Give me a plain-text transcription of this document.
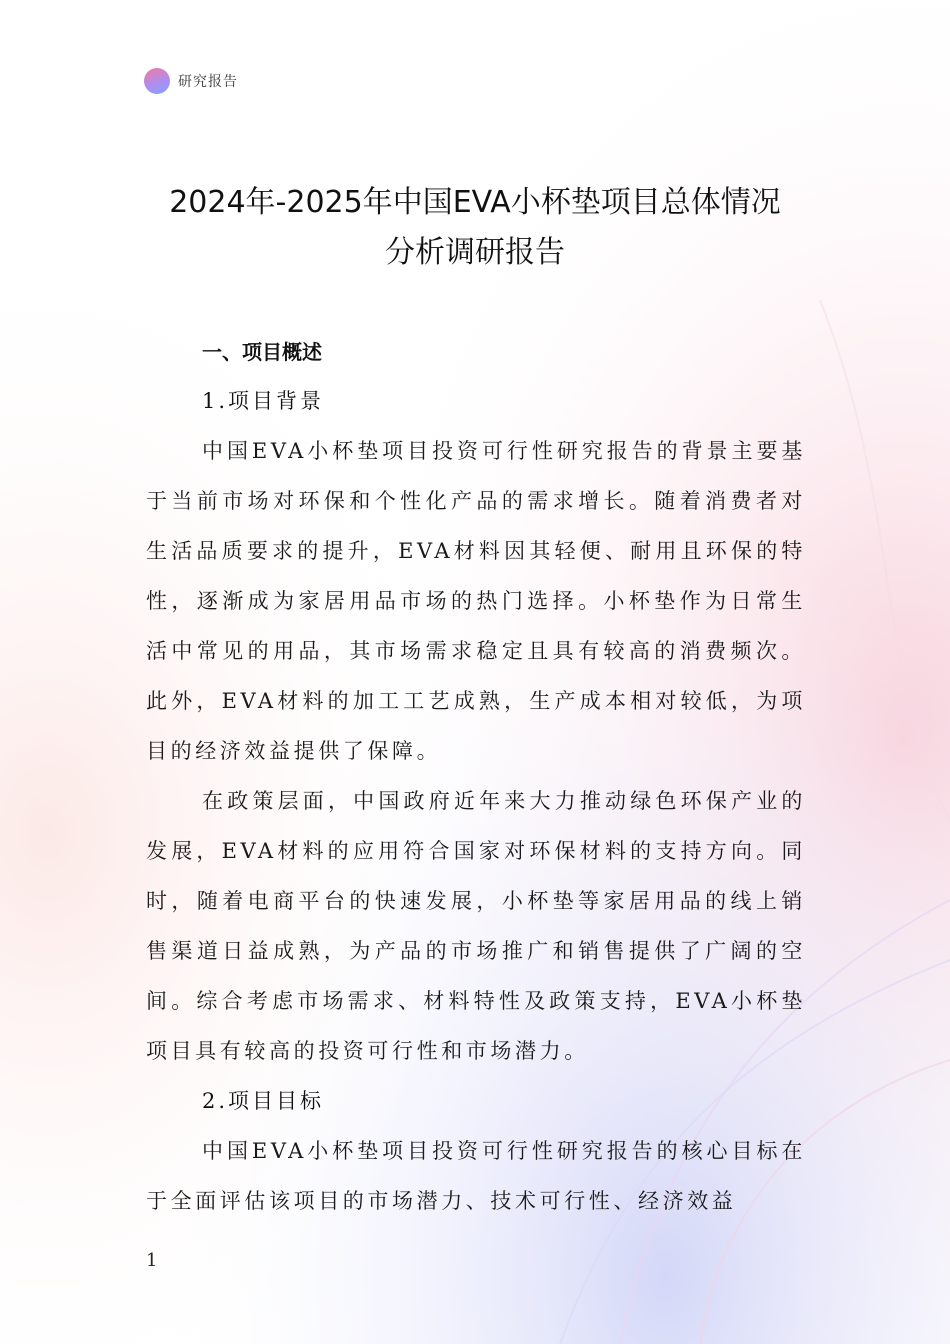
研究报告
2024年-2025年中国EVA小杯垫项目总体情况
分析调研报告

一、项目概述

1.项目背景

中国EVA小杯垫项目投资可行性研究报告的背景主要基于当前市场对环保和个性化产品的需求增长。随着消费者对生活品质要求的提升，EVA材料因其轻便、耐用且环保的特性，逐渐成为家居用品市场的热门选择。小杯垫作为日常生活中常见的用品，其市场需求稳定且具有较高的消费频次。此外，EVA材料的加工工艺成熟，生产成本相对较低，为项目的经济效益提供了保障。

在政策层面，中国政府近年来大力推动绿色环保产业的发展，EVA材料的应用符合国家对环保材料的支持方向。同时，随着电商平台的快速发展，小杯垫等家居用品的线上销售渠道日益成熟，为产品的市场推广和销售提供了广阔的空间。综合考虑市场需求、材料特性及政策支持，EVA小杯垫项目具有较高的投资可行性和市场潜力。

2.项目目标

中国EVA小杯垫项目投资可行性研究报告的核心目标在于全面评估该项目的市场潜力、技术可行性、经济效益

1
